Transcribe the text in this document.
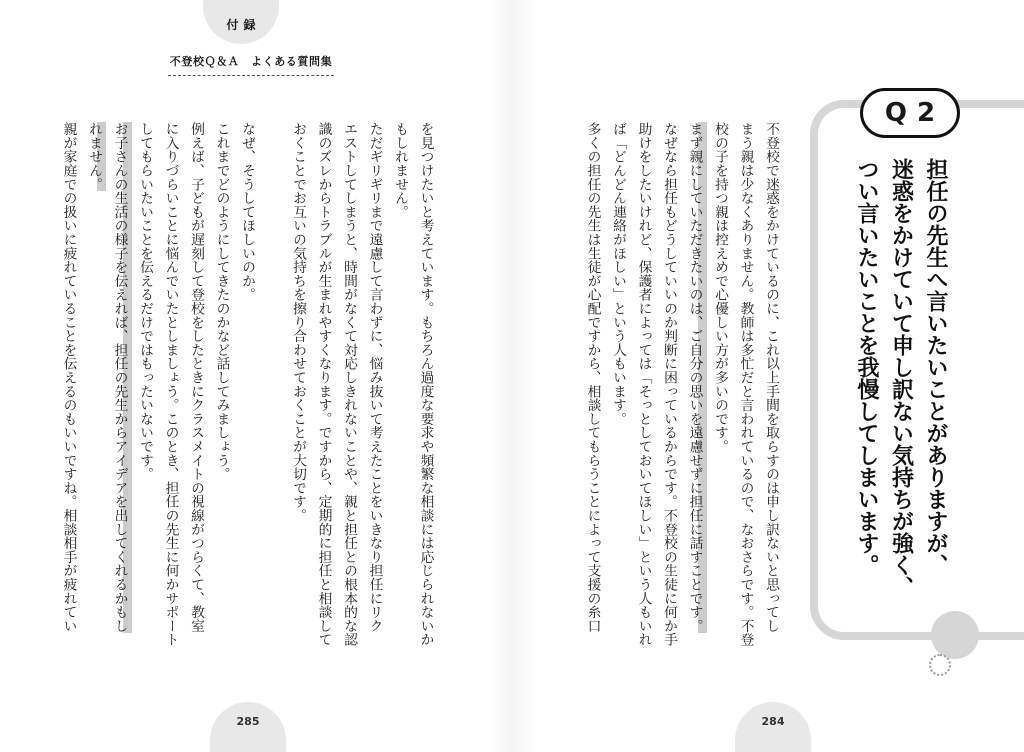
付録
不登校Ｑ＆Ａ　よくある質問集

を見つけたいと考えています。もちろん過度な要求や頻繁な相談には応じられないか

もしれません。

ただギリギリまで遠慮して言わずに、悩み抜いて考えたことをいきなり担任にリク

エストしてしまうと、時間がなくて対応しきれないことや、親と担任との根本的な認

識のズレからトラブルが生まれやすくなります。ですから、定期的に担任と相談して

おくことでお互いの気持ちを擦り合わせておくことが大切です。

なぜ、そうしてほしいのか。

これまでどのようにしてきたのかなど話してみましょう。

例えば、子どもが遅刻して登校をしたときにクラスメイトの視線がつらくて、教室

に入りづらいことに悩んでいたとしましょう。このとき、担任の先生に何かサポート

してもらいたいことを伝えるだけではもったいないです。

お子さんの生活の様子を伝えれば、担任の先生からアイデアを出してくれるかもし

れません。

親が家庭での扱いに疲れていることを伝えるのもいいですね。相談相手が疲れてい

285

不登校で迷惑をかけているのに、これ以上手間を取らすのは申し訳ないと思ってし

まう親は少なくありません。教師は多忙だと言われているので、なおさらです。不登

校の子を持つ親は控えめで心優しい方が多いのです。

まず親にしていただきたいのは、ご自分の思いを遠慮せずに担任に話すことです。

なぜなら担任もどうしていいのか判断に困っているからです。不登校の生徒に何か手

助けをしたいけれど、保護者によっては「そっとしておいてほしい」という人もいれ

ば「どんどん連絡がほしい」という人もいます。

多くの担任の先生は生徒が心配ですから、相談してもらうことによって支援の糸口

Q2

担任の先生へ言いたいことがありますが、

迷惑をかけていて申し訳ない気持ちが強く、

つい言いたいことを我慢してしまいます。

284
